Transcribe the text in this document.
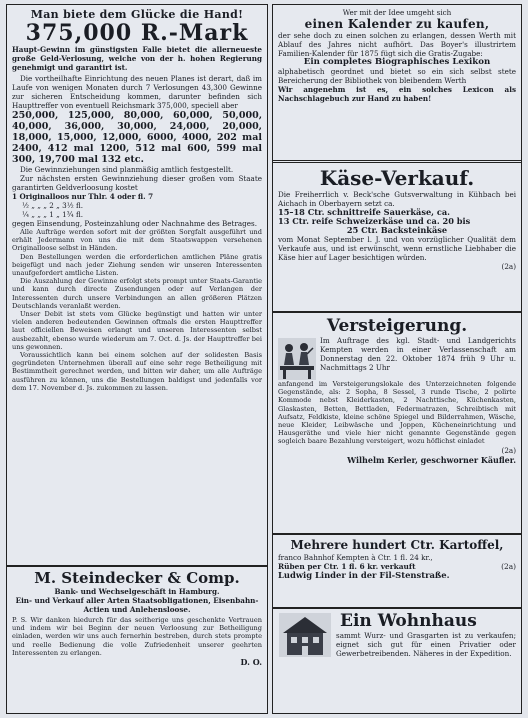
Man biete dem Glücke die Hand!

375,000 R.-Mark

Haupt-Gewinn im günstigsten Falle bietet die allerneueste große Geld-Verlosung, welche von der h. hohen Regierung genehmigt und garantirt ist.

Die vortheilhafte Einrichtung des neuen Planes ist derart, daß im Laufe von wenigen Monaten durch 7 Verlosungen 43,300 Gewinne zur sicheren Entscheidung kommen, darunter befinden sich Haupttreffer von eventuell Reichsmark 375,000, speciell aber

250,000, 125,000, 80,000, 60,000, 50,000, 40,000, 36,000, 30,000, 24,000, 20,000, 18,000, 15,000, 12,000, 6000, 4000, 202 mal 2400, 412 mal 1200, 512 mal 600, 599 mal 300, 19,700 mal 132 etc.

Die Gewinnziehungen sind planmäßig amtlich festgestellt.

Zur nächsten ersten Gewinnziehung dieser großen vom Staate garantirten Geldverloosung kostet

1 Originalloos nur Thlr. 4 oder fl. 7

½ „ „ „ 2 „ 3½ fl.

¼ „ „ „ 1 „ 1¾ fl.

gegen Einsendung, Posteinzahlung oder Nachnahme des Betrages.

Alle Aufträge werden sofort mit der größten Sorgfalt ausgeführt und erhält Jedermann von uns die mit dem Staatswappen versehenen Originalloose selbst in Händen.

Den Bestellungen werden die erforderlichen amtlichen Pläne gratis beigefügt und nach jeder Ziehung senden wir unseren Interessenten unaufgefordert amtliche Listen.

Die Auszahlung der Gewinne erfolgt stets prompt unter Staats-Garantie und kann durch directe Zusendungen oder auf Verlangen der Interessenten durch unsere Verbindungen an allen größeren Plätzen Deutschlands veranlaßt werden.

Unser Debit ist stets vom Glücke begünstigt und hatten wir unter vielen anderen bedeutenden Gewinnen oftmals die ersten Haupttreffer laut officiellen Beweisen erlangt und unseren Interessenten selbst ausbezahlt, ebenso wurde wiederum am 7. Oct. d. Js. der Haupttreffer bei uns gewonnen.

Voraussichtlich kann bei einem solchen auf der solidesten Basis gegründeten Unternehmen überall auf eine sehr rege Betheiligung mit Bestimmtheit gerechnet werden, und bitten wir daher, um alle Aufträge ausführen zu können, uns die Bestellungen baldigst und jedenfalls vor dem 17. November d. Js. zukommen zu lassen.

M. Steindecker & Comp.

Bank- und Wechselgeschäft in Hamburg.

Ein- und Verkauf aller Arten Staatsobligationen, Eisenbahn-Actien und Anlehensloose.

P. S. Wir danken hiedurch für das seitherige uns geschenkte Vertrauen und indem wir bei Beginn der neuen Verloosung zur Betheiligung einladen, werden wir uns auch fernerhin bestreben, durch stets prompte und reelle Bedienung die volle Zufriedenheit unserer geehrten Interessenten zu erlangen.

D. O.

Wer mit der Idee umgeht sich

einen Kalender zu kaufen,

der sehe doch zu einen solchen zu erlangen, dessen Werth mit Ablauf des Jahres nicht aufhört. Das Boyer's illustrirtem Familien-Kalender für 1875 fügt sich die Gratis-Zugabe:

Ein completes Biographisches Lexikon

alphabetisch geordnet und bietet so ein sich selbst stete Bereicherung der Bibliothek von bleibendem Werth

Wir angenehm ist es, ein solches Lexicon als Nachschlagebuch zur Hand zu haben!

Käse-Verkauf.

Die Freiherrlich v. Beck'sche Gutsverwaltung in Kühbach bei Aichach in Oberbayern setzt ca.

15–18 Ctr. schnittreife Sauerkäse, ca.

13 Ctr. reife Schweizerkäse und ca. 20 bis

25 Ctr. Backsteinkäse

vom Monat September l. J. und von vorzüglicher Qualität dem Verkaufe aus, und ist erwünscht, wenn ernstliche Liebhaber die Käse hier auf Lager besichtigen würden.

(2a)

Versteigerung.

Im Auftrage des kgl. Stadt- und Landgerichts Kempten werden in einer Verlassenschaft am Donnerstag den 22. Oktober 1874 früh 9 Uhr u. Nachmittags 2 Uhr

anfangend im Versteigerungslokale des Unterzeichneten folgende Gegenstände, als: 2 Sopha, 8 Sessel, 3 runde Tische, 2 polirte Kommode nebst Kleiderkasten, 2 Nachttische, Küchenkasten, Glaskasten, Betten, Bettladen, Federmatrazen, Schreibtisch mit Aufsatz, Feldkiste, kleine schöne Spiegel und Bilderrahmen, Wäsche, neue Kleider, Leibwäsche und Joppen, Kücheneinrichtung und Hausgeräthe und viele hier nicht genannte Gegenstände gegen sogleich baare Bezahlung versteigert, wozu höflichst einladet

(2a)

Wilhelm Kerler, geschworner Käufler.

Mehrere hundert Ctr. Kartoffel,

franco Bahnhof Kempten à Ctr. 1 fl. 24 kr.,

Rüben per Ctr. 1 fl. 6 kr. verkauft	(2a)

Ludwig Linder in der Fil-Stenstraße.

Ein Wohnhaus

sammt Wurz- und Grasgarten ist zu verkaufen; eignet sich gut für einen Privatier oder Gewerbetreibenden. Näheres in der Expedition.
